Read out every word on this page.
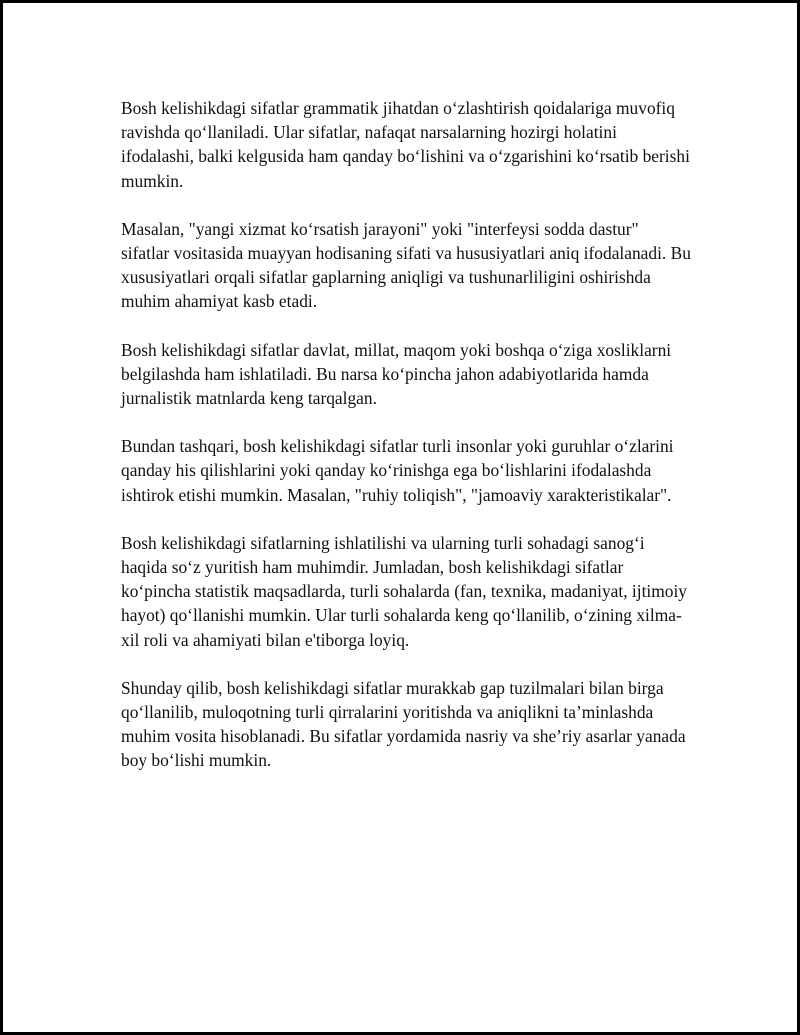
Bosh kelishikdagi sifatlar grammatik jihatdan o‘zlashtirish qoidalariga muvofiq ravishda qo‘llaniladi. Ular sifatlar, nafaqat narsalarning hozirgi holatini ifodalashi, balki kelgusida ham qanday bo‘lishini va o‘zgarishini ko‘rsatib berishi mumkin.

Masalan, "yangi xizmat ko‘rsatish jarayoni" yoki "interfeysi sodda dastur" sifatlar vositasida muayyan hodisaning sifati va hususiyatlari aniq ifodalanadi. Bu xususiyatlari orqali sifatlar gaplarning aniqligi va tushunarliligini oshirishda muhim ahamiyat kasb etadi.

Bosh kelishikdagi sifatlar davlat, millat, maqom yoki boshqa o‘ziga xosliklarni belgilashda ham ishlatiladi. Bu narsa ko‘pincha jahon adabiyotlarida hamda jurnalistik matnlarda keng tarqalgan.

Bundan tashqari, bosh kelishikdagi sifatlar turli insonlar yoki guruhlar o‘zlarini qanday his qilishlarini yoki qanday ko‘rinishga ega bo‘lishlarini ifodalashda ishtirok etishi mumkin. Masalan, "ruhiy toliqish", "jamoaviy xarakteristikalar".

Bosh kelishikdagi sifatlarning ishlatilishi va ularning turli sohadagi sanog‘i haqida so‘z yuritish ham muhimdir. Jumladan, bosh kelishikdagi sifatlar ko‘pincha statistik maqsadlarda, turli sohalarda (fan, texnika, madaniyat, ijtimoiy hayot) qo‘llanishi mumkin. Ular turli sohalarda keng qo‘llanilib, o‘zining xilma-xil roli va ahamiyati bilan e'tiborga loyiq.

Shunday qilib, bosh kelishikdagi sifatlar murakkab gap tuzilmalari bilan birga qo‘llanilib, muloqotning turli qirralarini yoritishda va aniqlikni ta’minlashda muhim vosita hisoblanadi. Bu sifatlar yordamida nasriy va she’riy asarlar yanada boy bo‘lishi mumkin.
